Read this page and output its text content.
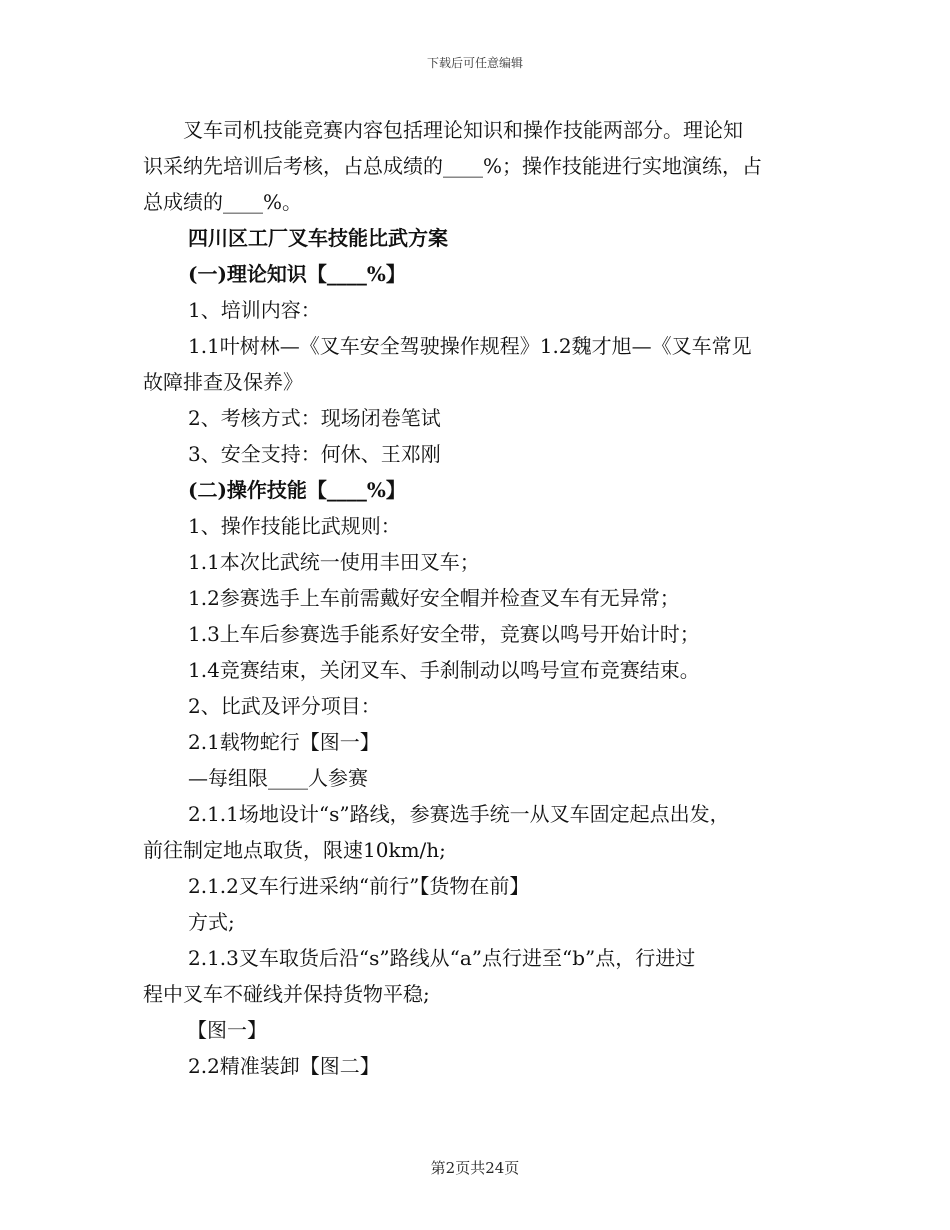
下载后可任意编辑

叉车司机技能竞赛内容包括理论知识和操作技能两部分。理论知

识采纳先培训后考核，占总成绩的____%；操作技能进行实地演练，占

总成绩的____%。

四川区工厂叉车技能比武方案

(一)理论知识【____%】

1、培训内容：

1.1叶树林—《叉车安全驾驶操作规程》1.2魏才旭—《叉车常见

故障排查及保养》

2、考核方式：现场闭卷笔试

3、安全支持：何休、王邓刚

(二)操作技能【____%】

1、操作技能比武规则：

1.1本次比武统一使用丰田叉车；

1.2参赛选手上车前需戴好安全帽并检查叉车有无异常；

1.3上车后参赛选手能系好安全带，竞赛以鸣号开始计时；

1.4竞赛结束，关闭叉车、手刹制动以鸣号宣布竞赛结束。

2、比武及评分项目：

2.1载物蛇行【图一】

—每组限____人参赛

2.1.1场地设计“s”路线，参赛选手统一从叉车固定起点出发，

前往制定地点取货，限速10km/h;

2.1.2叉车行进采纳“前行”【货物在前】

方式;

2.1.3叉车取货后沿“s”路线从“a”点行进至“b”点，行进过

程中叉车不碰线并保持货物平稳;

【图一】

2.2精准装卸【图二】

第2页共24页
